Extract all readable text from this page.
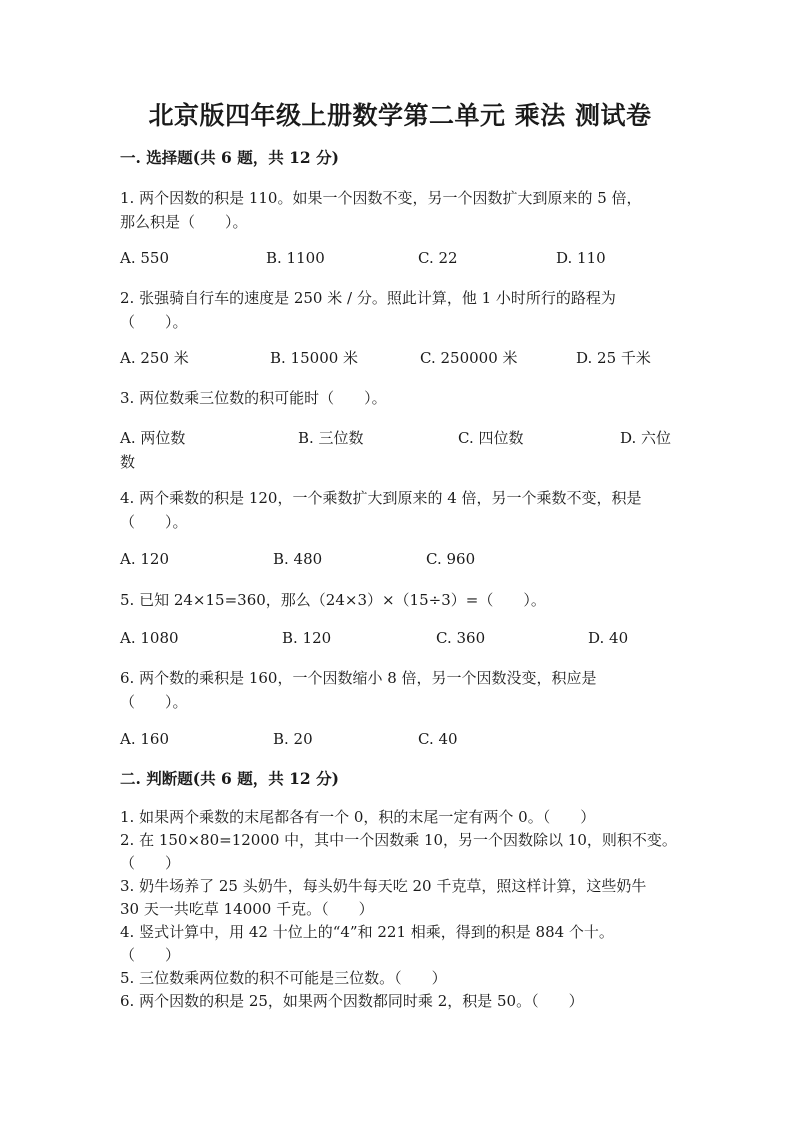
北京版四年级上册数学第二单元 乘法 测试卷
一. 选择题(共 6 题，共 12 分)
1. 两个因数的积是 110。如果一个因数不变，另一个因数扩大到原来的 5 倍，
那么积是（　　）。
A. 550	B. 1100	C. 22	D. 110
2. 张强骑自行车的速度是 250 米 / 分。照此计算，他 1 小时所行的路程为
（　　）。
A. 250 米	B. 15000 米	C. 250000 米	D. 25 千米
3. 两位数乘三位数的积可能时（　　）。
A. 两位数	B. 三位数	C. 四位数	D. 六位
数
4. 两个乘数的积是 120，一个乘数扩大到原来的 4 倍，另一个乘数不变，积是
（　　）。
A. 120	B. 480	C. 960
5. 已知 24×15=360，那么（24×3）×（15÷3）=（　　）。
A. 1080	B. 120	C. 360	D. 40
6. 两个数的乘积是 160，一个因数缩小 8 倍，另一个因数没变，积应是
（　　）。
A. 160	B. 20	C. 40
二. 判断题(共 6 题，共 12 分)
1. 如果两个乘数的末尾都各有一个 0，积的末尾一定有两个 0。（　　）
2. 在 150×80=12000 中，其中一个因数乘 10，另一个因数除以 10，则积不变。
（　　）
3. 奶牛场养了 25 头奶牛，每头奶牛每天吃 20 千克草，照这样计算，这些奶牛
30 天一共吃草 14000 千克。（　　）
4. 竖式计算中，用 42 十位上的“4”和 221 相乘，得到的积是 884 个十。
（　　）
5. 三位数乘两位数的积不可能是三位数。（　　）
6. 两个因数的积是 25，如果两个因数都同时乘 2，积是 50。（　　）
